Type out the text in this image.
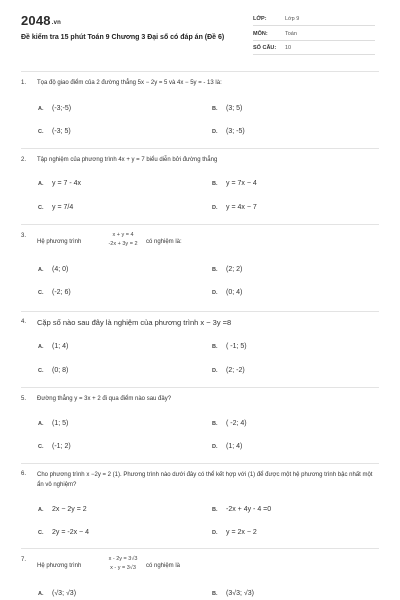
2048.vn
Đề kiểm tra 15 phút Toán 9 Chương 3 Đại số có đáp án (Đề 6)
LỚP:	Lớp 9
MÔN:	Toán
SỐ CÂU: 10
1. Tọa độ giao điểm của 2 đường thẳng 5x − 2y = 5 và 4x − 5y = - 13 là:
A. (-3;-5)	B. (3; 5)
C. (-3; 5)	D. (3; -5)
2. Tập nghiệm của phương trình 4x + y = 7 biểu diễn bởi đường thẳng
A. y = 7 - 4x	B. y = 7x − 4
C. y = 7/4	D. y = 4x − 7
3.
Hệ phương trình
x + y = 4
-2x + 3y = 2	có nghiệm là:
A. (4; 0)	B. (2; 2)
C. (-2; 6)	D. (0; 4)
4. Cặp số nào sau đây là nghiệm của phương trình x − 3y =8
A. (1; 4)	B. ( -1; 5)
C. (0; 8)	D. (2; -2)
5. Đường thẳng y = 3x + 2 đi qua điểm nào sau đây?
A. (1; 5)	B. ( -2; 4)
C. (-1; 2)	D. (1; 4)
6. Cho phương trình x −2y = 2 (1). Phương trình nào dưới đây có thể kết hợp với (1) để được một hệ phương trình bậc nhất một ẩn vô nghiệm?
A. 2x − 2y = 2	B. -2x + 4y - 4 =0
C. 2y = -2x − 4	D. y = 2x − 2
7.
Hệ phương trình
x - 2y = 3√3
x - y = 3√3	có nghiệm là
A. (√3; √3)	B. (3√3; √3)
